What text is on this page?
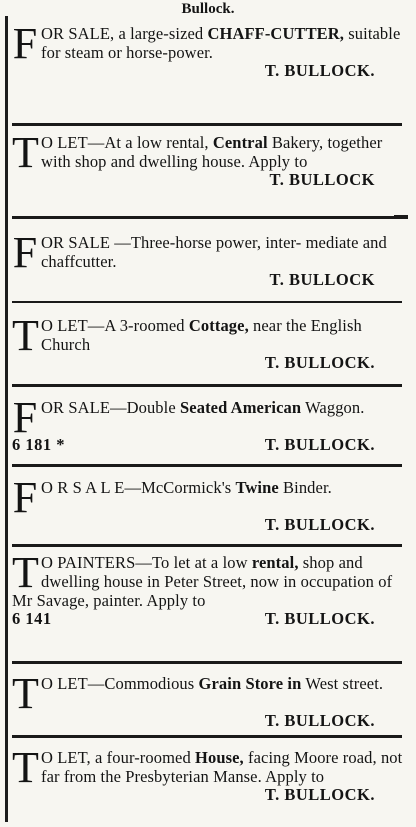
Bullock.
F OR SALE, a large-sized CHAFF-CUTTER, suitable for steam or horse-power.
T. BULLOCK.
T O LET—At a low rental, Central Bakery, together with shop and dwelling house. Apply to
T. BULLOCK
F OR SALE —Three-horse power, inter- mediate and chaffcutter.
T. BULLOCK
T O LET—A 3-roomed Cottage, near the English Church
T. BULLOCK.
F OR SALE—Double Seated American Waggon.
6 181 *	T. BULLOCK.
F O R S A L E—McCormick's Twine Binder.
T. BULLOCK.
T O PAINTERS—To let at a low rental, shop and dwelling house in Peter Street, now in occupation of Mr Savage, painter. Apply to
6 141	T. BULLOCK.
T O LET—Commodious Grain Store in West street.
T. BULLOCK.
T O LET, a four-roomed House, facing Moore road, not far from the Presbyterian Manse. Apply to
T. BULLOCK.
